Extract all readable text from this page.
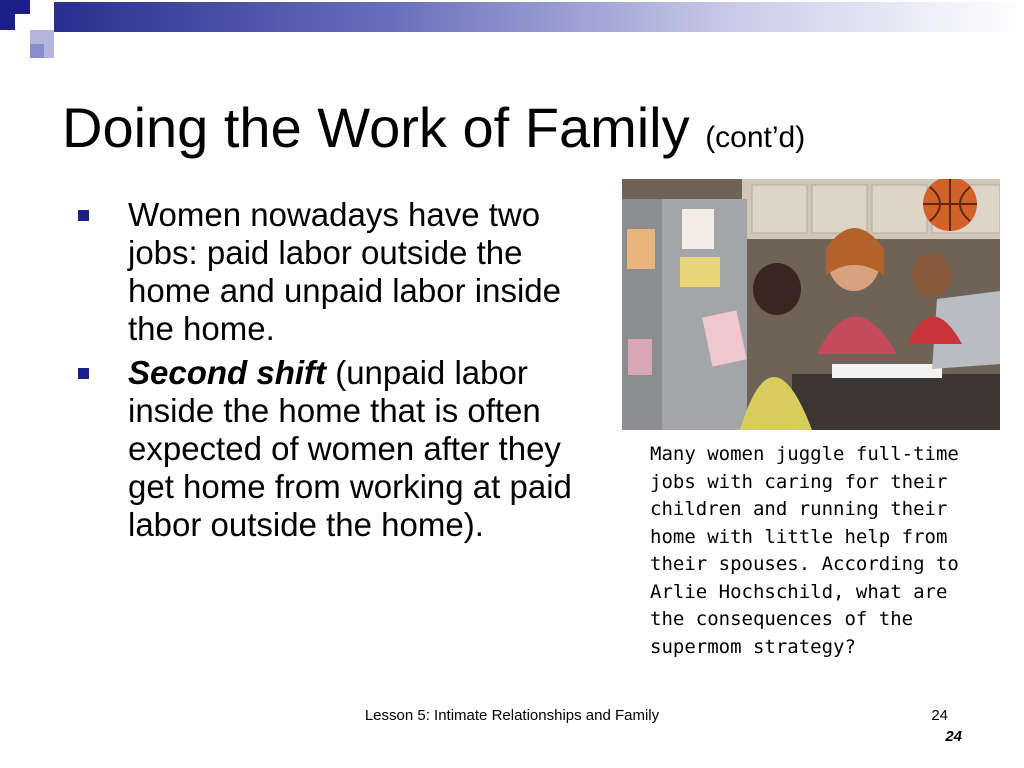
Doing the Work of Family (cont’d)
Women nowadays have two jobs: paid labor outside the home and unpaid labor inside the home.
Second shift (unpaid labor inside the home that is often expected of women after they get home from working at paid labor outside the home).
Many women juggle full-time jobs with caring for their children and running their home with little help from their spouses. According to Arlie Hochschild, what are the consequences of the supermom strategy?
Lesson 5: Intimate Relationships and Family	24
24
